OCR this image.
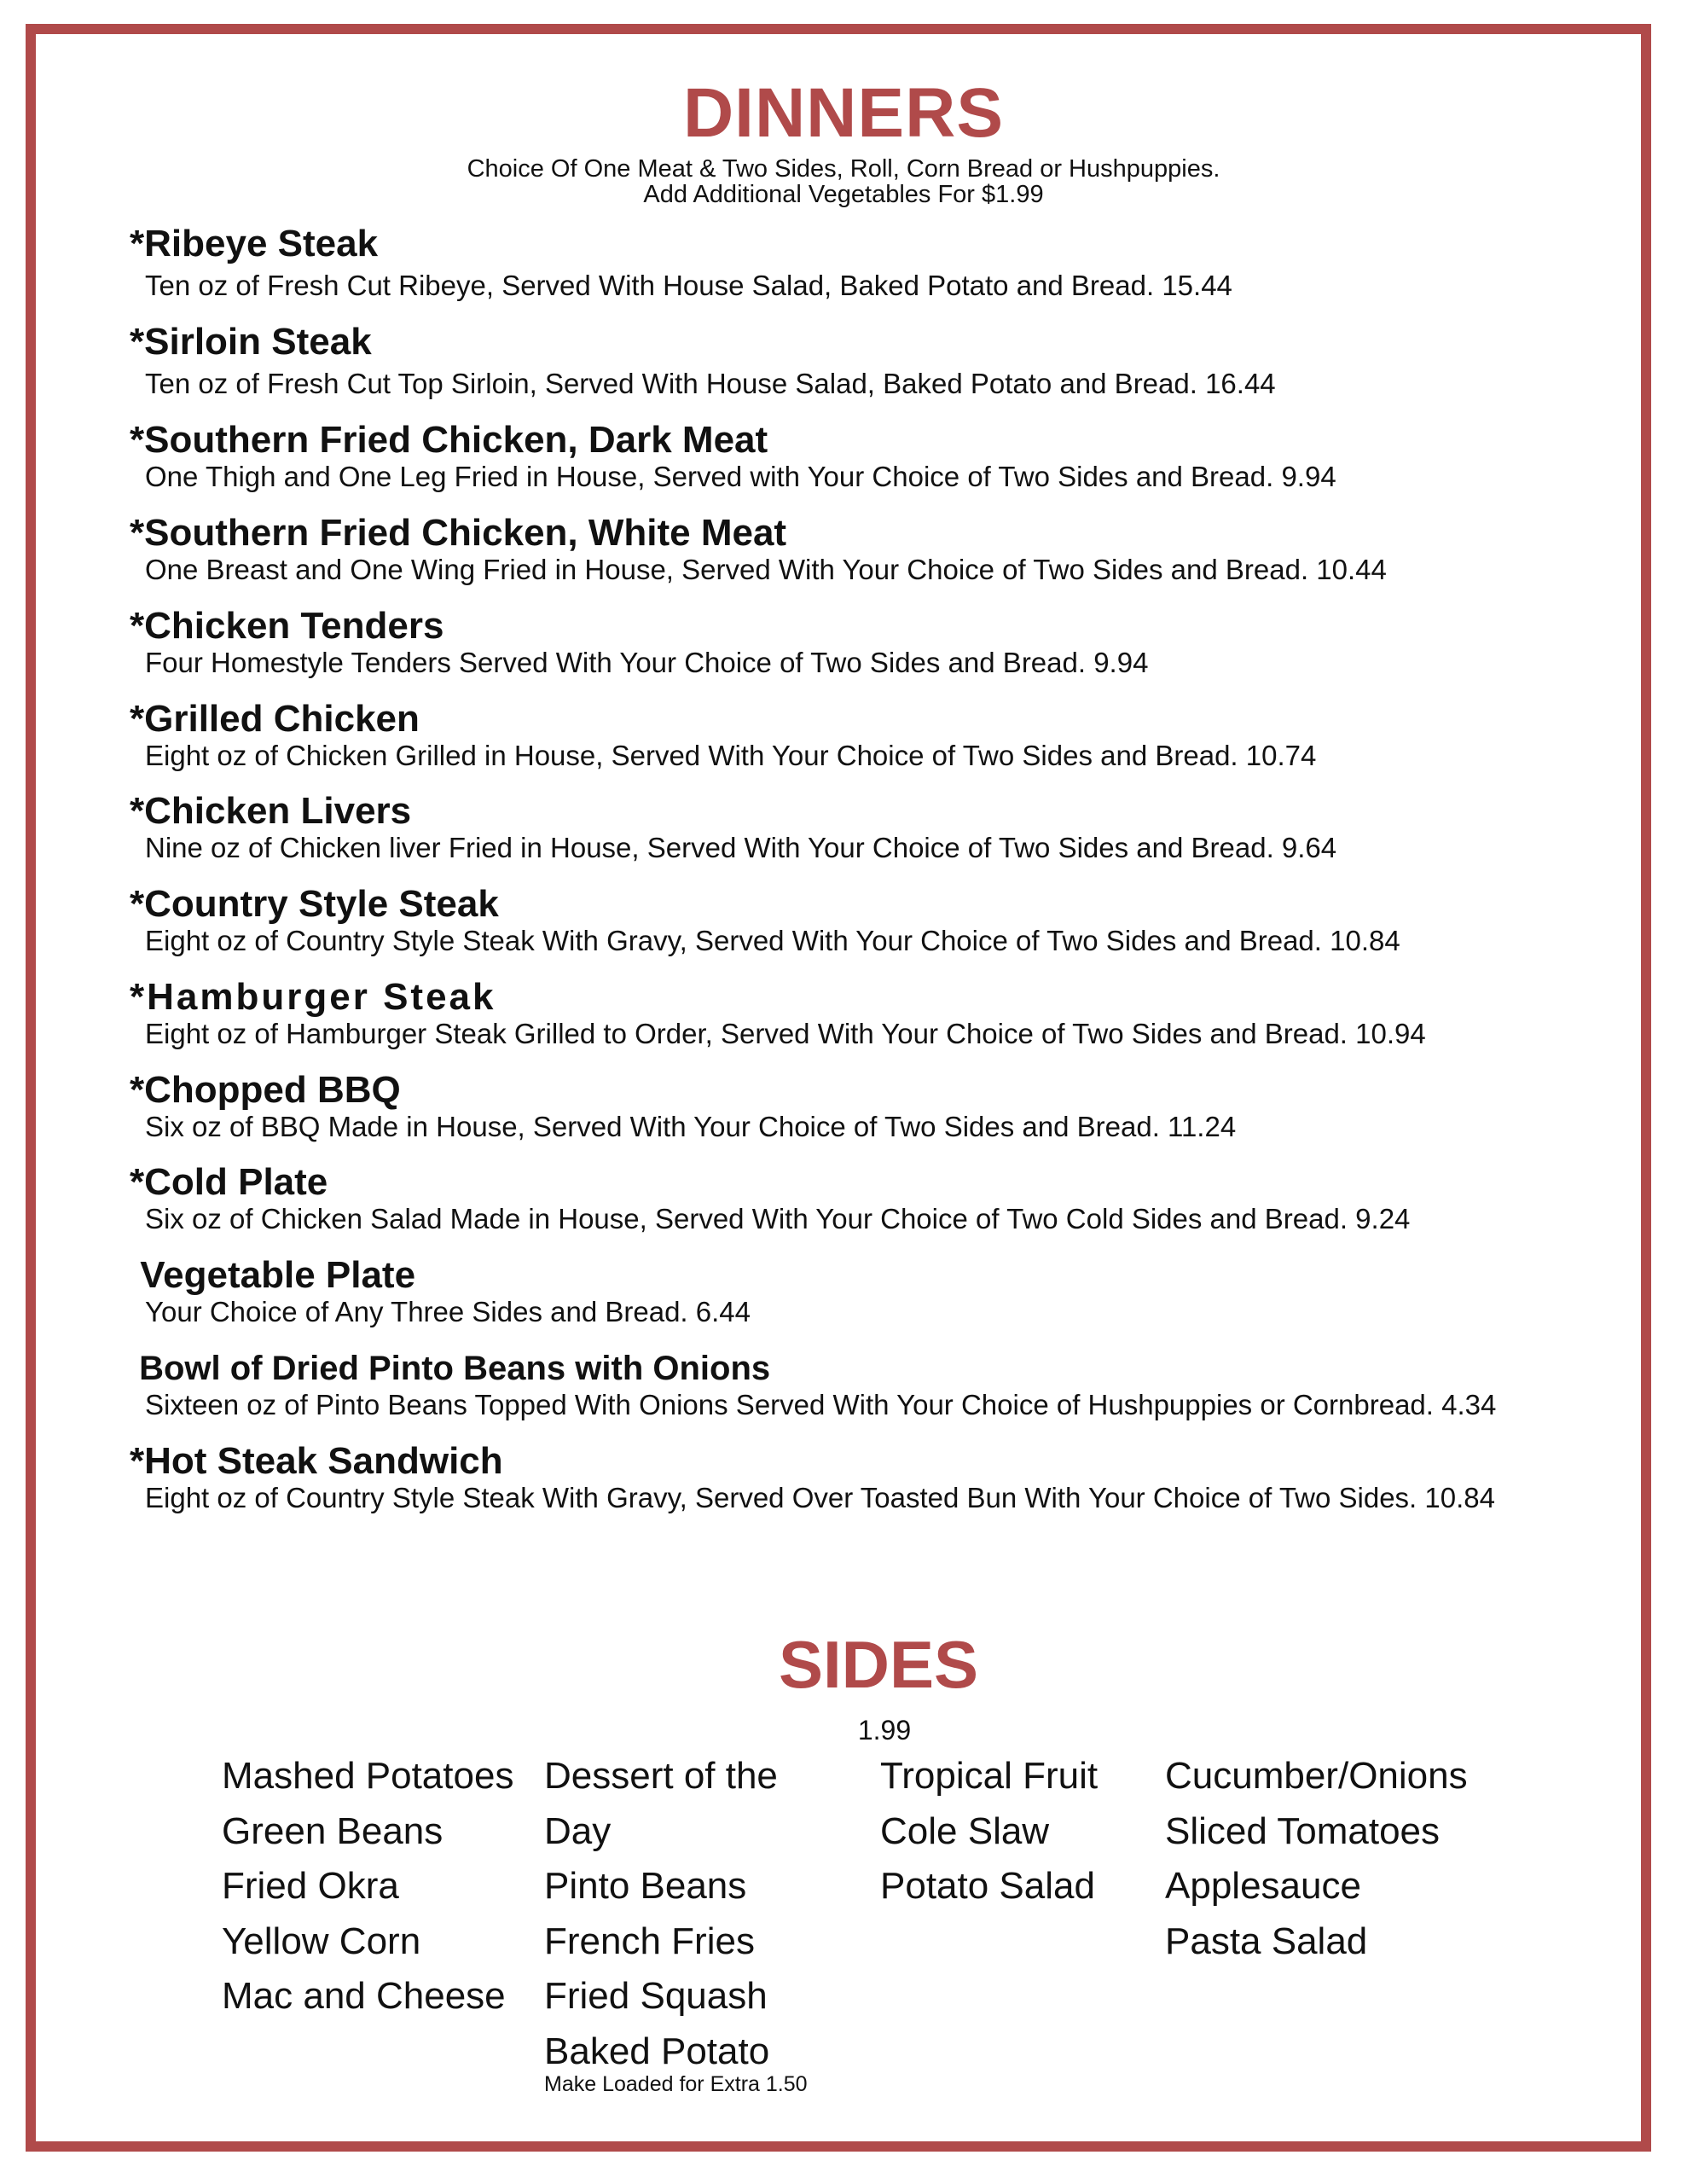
DINNERS
Choice Of One Meat & Two Sides, Roll, Corn Bread or Hushpuppies.
Add Additional Vegetables For $1.99
*Ribeye Steak
Ten oz of Fresh Cut Ribeye, Served With House Salad, Baked Potato and Bread. 15.44
*Sirloin Steak
Ten oz of Fresh Cut Top Sirloin, Served With House Salad, Baked Potato and Bread. 16.44
*Southern Fried Chicken, Dark Meat
One Thigh and One Leg Fried in House, Served with Your Choice of Two Sides and Bread. 9.94
*Southern Fried Chicken, White Meat
One Breast and One Wing Fried in House, Served With Your Choice of Two Sides and Bread. 10.44
*Chicken Tenders
Four Homestyle Tenders Served With Your Choice of Two Sides and Bread. 9.94
*Grilled Chicken
Eight oz of Chicken Grilled in House, Served With Your Choice of Two Sides and Bread. 10.74
*Chicken Livers
Nine oz of Chicken liver Fried in House, Served With Your Choice of Two Sides and Bread. 9.64
*Country Style Steak
Eight oz of Country Style Steak With Gravy, Served With Your Choice of Two Sides and Bread. 10.84
*Hamburger Steak
Eight oz of Hamburger Steak Grilled to Order, Served With Your Choice of Two Sides and Bread. 10.94
*Chopped BBQ
Six oz of BBQ Made in House, Served With Your Choice of Two Sides and Bread. 11.24
*Cold Plate
Six oz of Chicken Salad Made in House, Served With Your Choice of Two Cold Sides and Bread. 9.24
Vegetable Plate
Your Choice of Any Three Sides and Bread. 6.44
Bowl of Dried Pinto Beans with Onions
Sixteen oz of Pinto Beans Topped With Onions Served With Your Choice of Hushpuppies or Cornbread. 4.34
*Hot Steak Sandwich
Eight oz of Country Style Steak With Gravy, Served Over Toasted Bun With Your Choice of Two Sides. 10.84
SIDES
1.99
Mashed Potatoes
Green Beans
Fried Okra
Yellow Corn
Mac and Cheese
Dessert of the
Day
Pinto Beans
French Fries
Fried Squash
Baked Potato
Make Loaded for Extra 1.50
Tropical Fruit
Cole Slaw
Potato Salad
Cucumber/Onions
Sliced Tomatoes
Applesauce
Pasta Salad
